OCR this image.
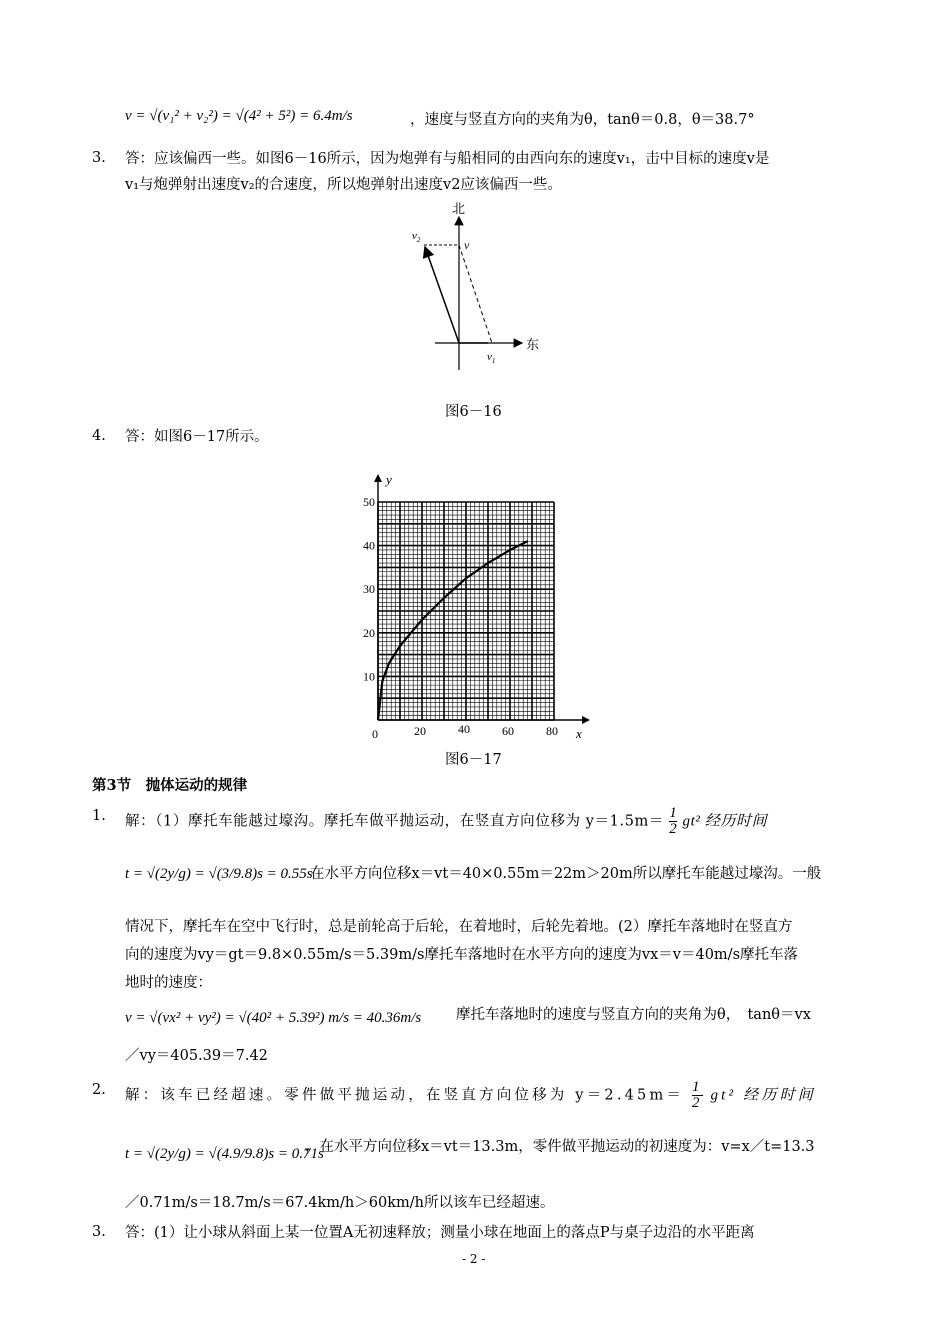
v = √(v₁² + v₂²) = √(4² + 5²) = 6.4m/s	，速度与竖直方向的夹角为θ，tanθ＝0.8，θ＝38.7°
3. 答：应该偏西一些。如图6－16所示，因为炮弹有与船相同的由西向东的速度v₁，击中目标的速度v是
v₁与炮弹射出速度v₂的合速度，所以炮弹射出速度v2应该偏西一些。
北
东
v
$v_2$
$v_1$
图6－16
4. 答：如图6－17所示。
x
y
0	20	40	60	80
10
20
30
40
50
图6－17
第3节　抛体运动的规律
1. 解：（1）摩托车能越过壕沟。摩托车做平抛运动，在竖直方向位移为 $y=1.5m= \frac{1}{2} gt^2$ 经历时间
t = √(2y/g) = √(3/9.8)s = 0.55s
在水平方向位移x＝vt＝40×0.55m＝22m＞20m所以摩托车能越过壕沟。一般
情况下，摩托车在空中飞行时，总是前轮高于后轮，在着地时，后轮先着地。(2）摩托车落地时在竖直方
向的速度为vy＝gt＝9.8×0.55m/s＝5.39m/s摩托车落地时在水平方向的速度为vx＝v＝40m/s摩托车落
地时的速度：
v = √(vx² + vy²) = √(40² + 5.39²) m/s = 40.36m/s 摩托车落地时的速度与竖直方向的夹角为θ，　tanθ＝vx
／vy＝405.39＝7.42
2. 解：该车已经超速。零件做平抛运动，在竖直方向位移为 $y=2.45m= \frac{1}{2} gt^2$ 经历时间
t = √(2y/g) = √(4.9/9.8)s = 0.71s
，在水平方向位移x＝vt＝13.3m，零件做平抛运动的初速度为：v=x／t=13.3
／0.71m/s＝18.7m/s＝67.4km/h＞60km/h所以该车已经超速。
3. 答：(1）让小球从斜面上某一位置A无初速释放；测量小球在地面上的落点P与桌子边沿的水平距离
- 2 -
